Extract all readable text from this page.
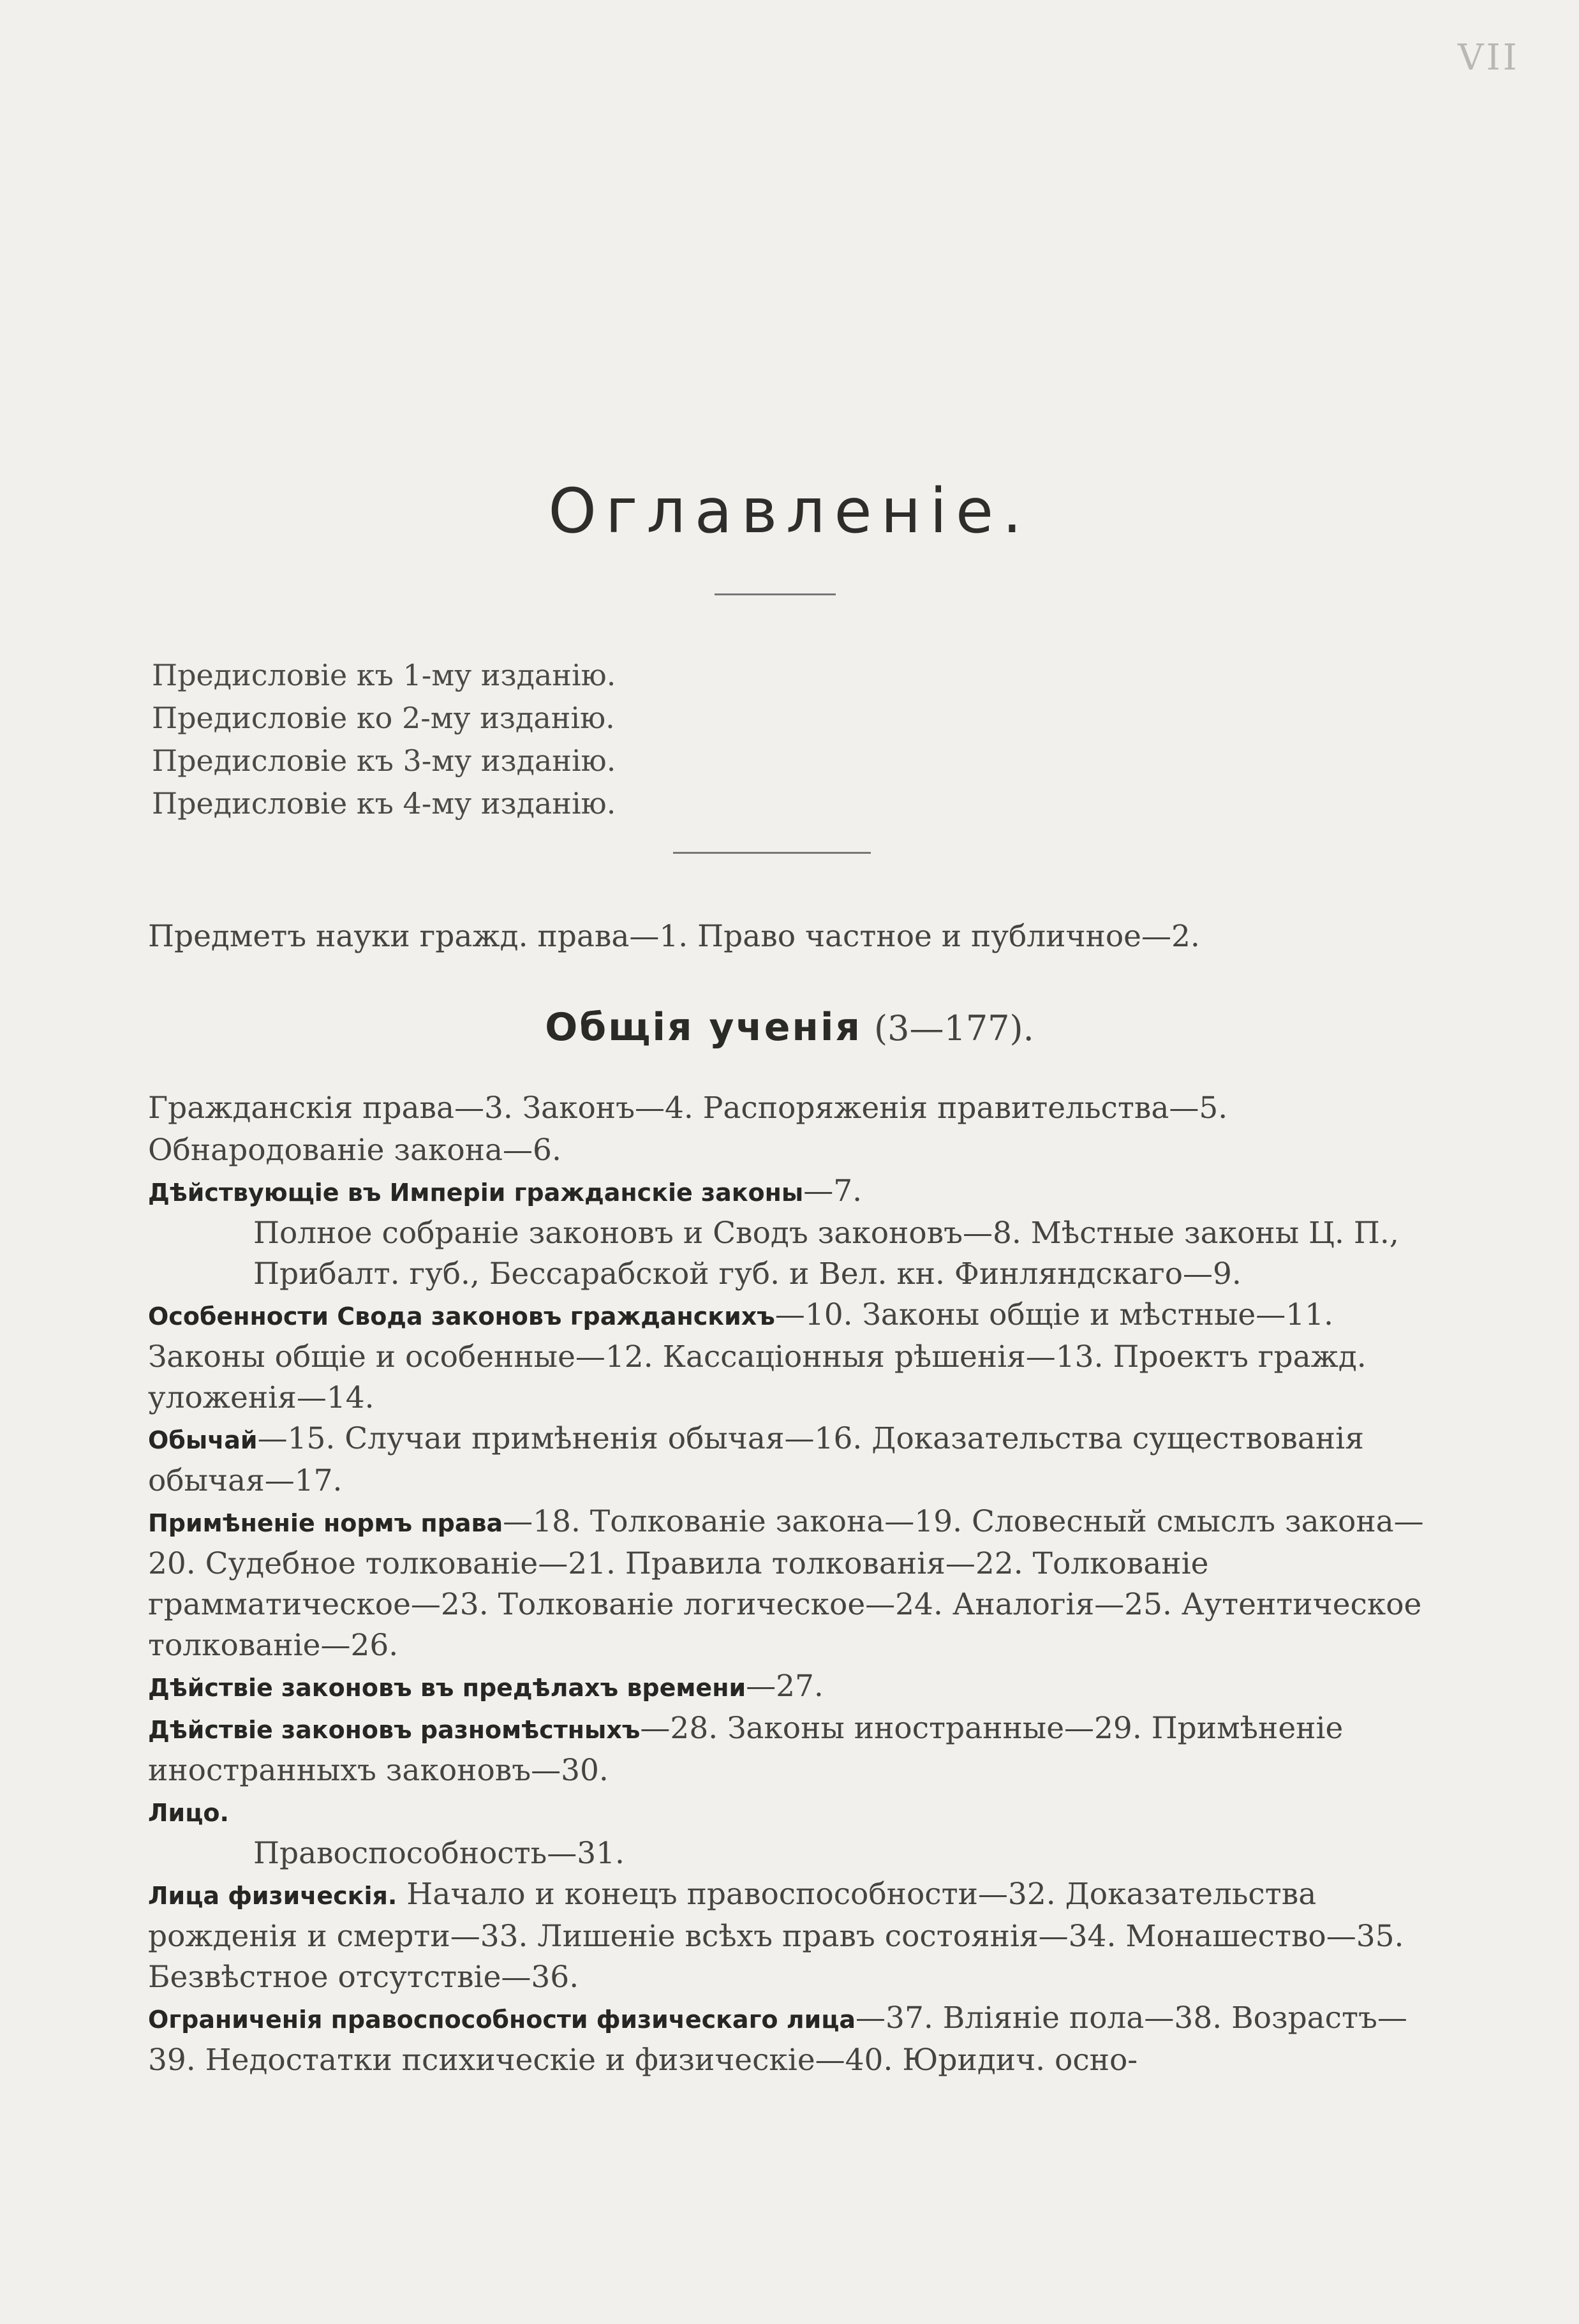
VII
Оглавленіе.
Предисловіе къ 1-му изданію.
Предисловіе ко 2-му изданію.
Предисловіе къ 3-му изданію.
Предисловіе къ 4-му изданію.
Предметъ науки гражд. права—1. Право частное и публичное—2.
Общія ученія (3—177).
Гражданскія права—3. Законъ—4. Распоряженія правительства—5. Обнародованіе закона—6.
Дѣйствующіе въ Имперіи гражданскіе законы—7.
Полное собраніе законовъ и Сводъ законовъ—8. Мѣстные законы Ц. П., Прибалт. губ., Бессарабской губ. и Вел. кн. Финляндскаго—9.
Особенности Свода законовъ гражданскихъ—10. Законы общіе и мѣстные—11. Законы общіе и особенные—12. Кассаціонныя рѣшенія—13. Проектъ гражд. уложенія—14.
Обычай—15. Случаи примѣненія обычая—16. Доказательства существованія обычая—17.
Примѣненіе нормъ права—18. Толкованіе закона—19. Словесный смыслъ закона—20. Судебное толкованіе—21. Правила толкованія—22. Толкованіе грамматическое—23. Толкованіе логическое—24. Аналогія—25. Аутентическое толкованіе—26.
Дѣйствіе законовъ въ предѣлахъ времени—27.
Дѣйствіе законовъ разномѣстныхъ—28. Законы иностранные—29. Примѣненіе иностранныхъ законовъ—30.
Лицо.
Правоспособность—31.
Лица физическія. Начало и конецъ правоспособности—32. Доказательства рожденія и смерти—33. Лишеніе всѣхъ правъ состоянія—34. Монашество—35. Безвѣстное отсутствіе—36.
Ограниченія правоспособности физическаго лица—37. Вліяніе пола—38. Возрастъ—39. Недостатки психическіе и физическіе—40. Юридич. осно-
